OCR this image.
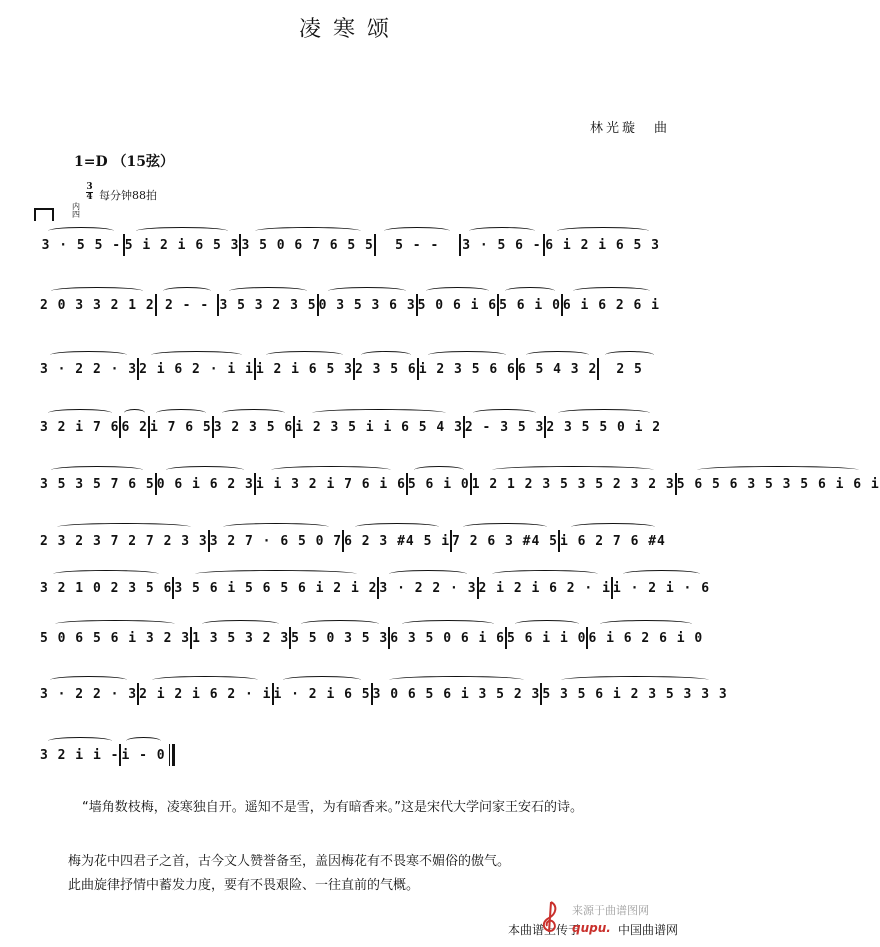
凌寒颂
林光璇　曲
1=D （15弦）
3
4 每分钟88拍
内
四
3 · 5 5 - 5 i 2 i 6 5 3 3 5 0 6 7 6 5 5	5 - -	3 · 5 6 - 6 i 2 i 6 5 3
2 0 3 3 2 1 2 2 - - 3 5 3 2 3 5 0 3 5 3 6 3 5 0 6 i 6 5 6 i 0 6 i 6 2 6 i
3 · 2 2 · 3 2 i 6 2 · i i i 2 i 6 5 3 2 3 5 6 i 2 3 5 6 6 6 5 4 3 2	2 5
3 2 i 7 6 6 2 i 7 6 5 3 2 3 5 6 i 2 3 5 i i 6 5 4 3 2 - 3 5 3 2 3 5 5 0 i 2
3 5 3 5 7 6 5 0 6 i 6 2 3 i i 3 2 i 7 6 i 6 5 6 i 0 1 2 1 2 3 5 3 5 2 3 2 3 5 6 5 6 3 5 3 5 6 i 6 i
2 3 2 3 7 2 7 2 3 3 3 2 7 · 6 5 0 7 6 2 3 #4 5 i 7 2 6 3 #4 5 i 6 2 7 6 #4
3 2 1 0 2 3 5 6 3 5 6 i 5 6 5 6 i 2 i 2 3 · 2 2 · 3 2 i 2 i 6 2 · i i · 2 i · 6
5 0 6 5 6 i 3 2 3 1 3 5 3 2 3 5 5 0 3 5 3 6 3 5 0 6 i 6 5 6 i i 0 6 i 6 2 6 i 0
3 · 2 2 · 3 2 i 2 i 6 2 · i i · 2 i 6 5 3 0 6 5 6 i 3 5 2 3 5 3 5 6 i 2 3 5 3 3 3
3 2 i i - i - 0
“墙角数枝梅，凌寒独自开。遥知不是雪，为有暗香来。”这是宋代大学问家王安石的诗。
梅为花中四君子之首，古今文人赞誉备至，盖因梅花有不畏寒不媚俗的傲气。
此曲旋律抒情中蓄发力度，要有不畏艰险、一往直前的气概。
本曲谱上传于
来源于曲谱图网
qupu. 中国曲谱网
